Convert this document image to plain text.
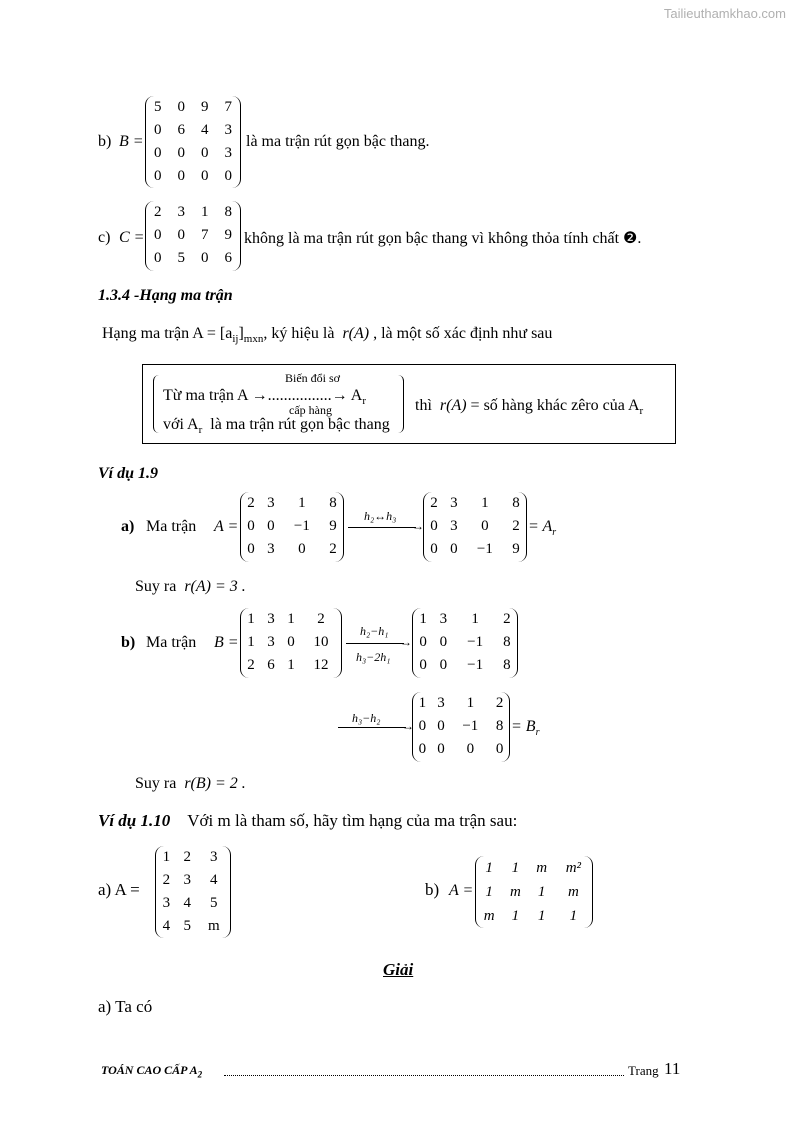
Tailieuthamkhao.com
b) B =
5	0	9	7
0	6	4	3
0	0	0	3
0	0	0	0
là ma trận rút gọn bậc thang.
c) C =
2	3	1	8
0	0	7	9
0	5	0	6
không là ma trận rút gọn bậc thang vì không thỏa tính chất ❷.
1.3.4 -Hạng ma trận
Hạng ma trận $A = [a_{ij}]_{mxn}$, ký hiệu là r(A) , là một số xác định như sau
Biến đổi sơ
Từ ma trận A →................→ $A_r$
cấp hàng
với $A_r$ là ma trận rút gọn bậc thang
thì r(A) = số hàng khác zêro của $A_r$
Ví dụ 1.9
a) Ma trận A =
2	3	1	8
0	0	−1	9
0	3	0	2
h₂↔h₃
→
2	3	1	8
0	3	0	2
0	0	−1	9
= $A_r$
Suy ra r(A) = 3 .
b) Ma trận B =
1	3	1	2
1	3	0	10
2	6	1	12
h₂−h₁
→
h₃−2h₁
1	3	1	2
0	0	−1	8
0	0	−1	8
h₃−h₂
→
1	3	1	2
0	0	−1	8
0	0	0	0
= $B_r$
Suy ra r(B) = 2 .
Ví dụ 1.10 Với m là tham số, hãy tìm hạng của ma trận sau:
a) A =
1	2	3
2	3	4
3	4	5
4	5	m
b) A =
1	1	m	m²
1	m	1	m
m	1	1	1
Giải
a) Ta có
TOÁN CAO CẤP $A_2$	Trang 11
